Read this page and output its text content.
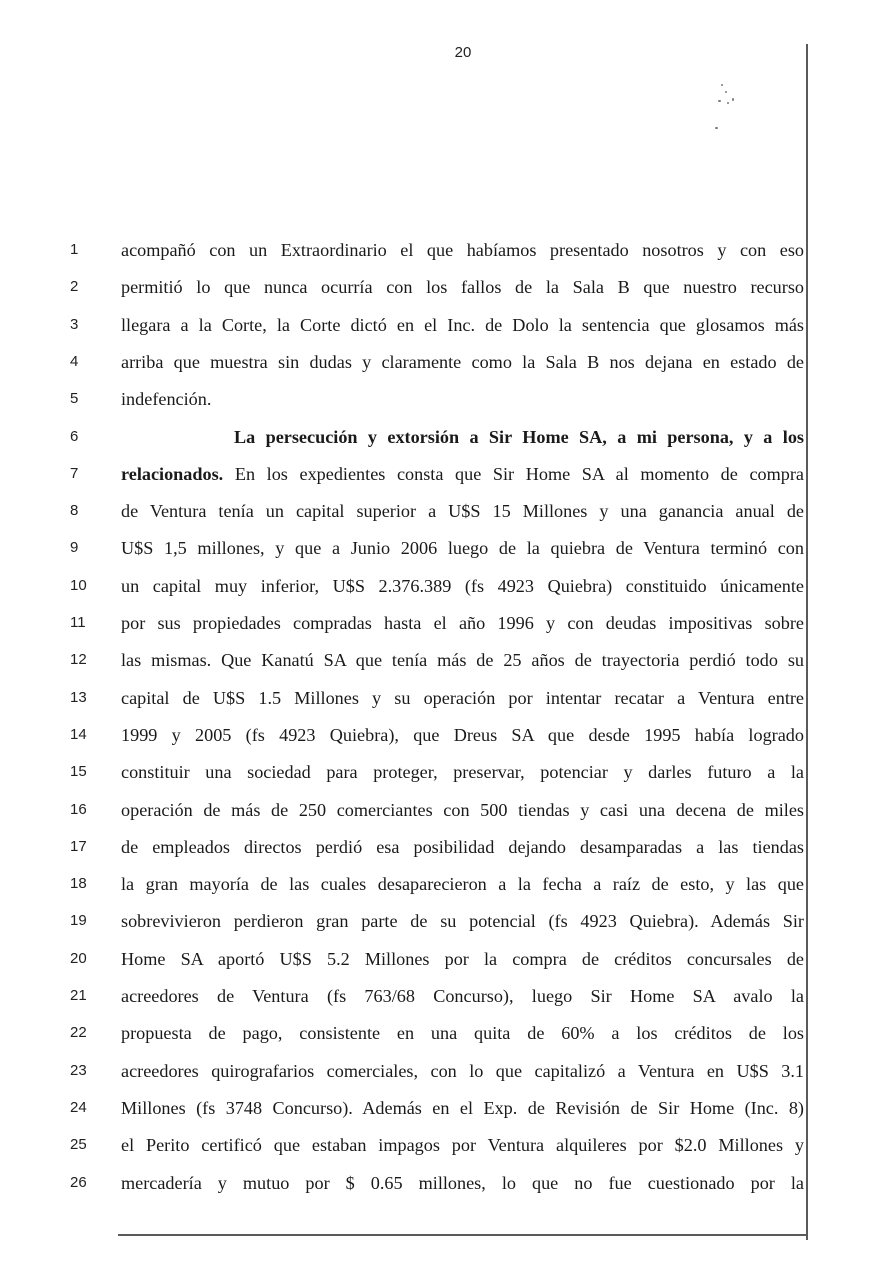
20
1	acompañó con un Extraordinario el que habíamos presentado nosotros y con eso
2	permitió lo que nunca ocurría con los fallos de la Sala B que nuestro recurso
3	llegara a la Corte, la Corte dictó en el Inc. de Dolo la sentencia que glosamos más
4	arriba que muestra sin dudas y claramente como la Sala B nos dejana en estado de
5	indefención.
6	La persecución y extorsión a Sir Home SA, a mi persona, y a los
7	relacionados. En los expedientes consta que Sir Home SA al momento de compra
8	de Ventura tenía un capital superior a U$S 15 Millones y una ganancia anual de
9	U$S 1,5 millones, y que a Junio 2006 luego de la quiebra de Ventura terminó con
10	un capital muy inferior, U$S 2.376.389 (fs 4923 Quiebra) constituido únicamente
11	por sus propiedades compradas hasta el año 1996 y con deudas impositivas sobre
12	las mismas. Que Kanatú SA que tenía más de 25 años de trayectoria perdió todo su
13	capital de U$S 1.5 Millones y su operación por intentar recatar a Ventura entre
14	1999 y 2005 (fs 4923 Quiebra), que Dreus SA que desde 1995 había logrado
15	constituir una sociedad para proteger, preservar, potenciar y darles futuro a la
16	operación de más de 250 comerciantes con 500 tiendas y casi una decena de miles
17	de empleados directos perdió esa posibilidad dejando desamparadas a las tiendas
18	la gran mayoría de las cuales desaparecieron a la fecha a raíz de esto, y las que
19	sobrevivieron perdieron gran parte de su potencial (fs 4923 Quiebra). Además Sir
20	Home SA aportó U$S 5.2 Millones por la compra de créditos concursales de
21	acreedores de Ventura (fs 763/68 Concurso), luego Sir Home SA avalo la
22	propuesta de pago, consistente en una quita de 60% a los créditos de los
23	acreedores quirografarios comerciales, con lo que capitalizó a Ventura en U$S 3.1
24	Millones (fs 3748 Concurso). Además en el Exp. de Revisión de Sir Home (Inc. 8)
25	el Perito certificó que estaban impagos por Ventura alquileres por $2.0 Millones y
26	mercadería y mutuo por $ 0.65 millones, lo que no fue cuestionado por la
